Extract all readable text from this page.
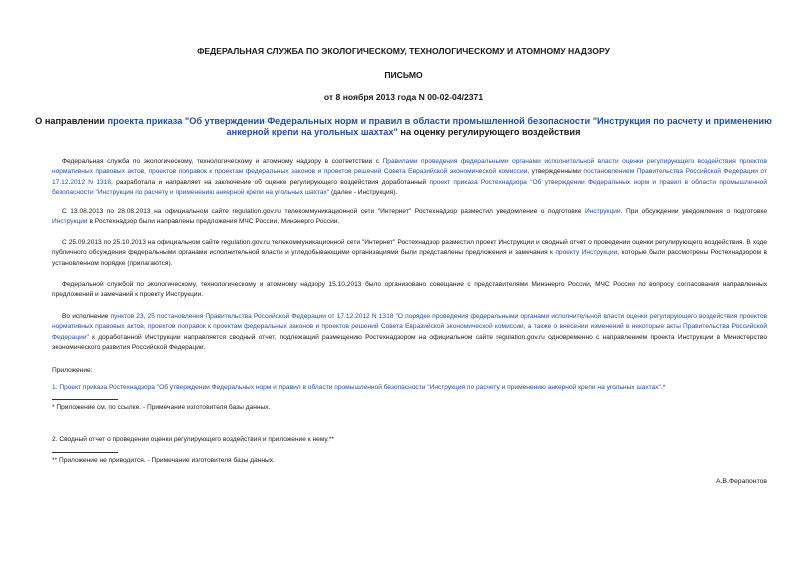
ФЕДЕРАЛЬНАЯ СЛУЖБА ПО ЭКОЛОГИЧЕСКОМУ, ТЕХНОЛОГИЧЕСКОМУ И АТОМНОМУ НАДЗОРУ
ПИСЬМО
от 8 ноября 2013 года N 00-02-04/2371
О направлении проекта приказа "Об утверждении Федеральных норм и правил в области промышленной безопасности "Инструкция по расчету и применению анкерной крепи на угольных шахтах" на оценку регулирующего воздействия

Федеральная служба по экологическому, технологическому и атомному надзору в соответствии с Правилами проведения федеральными органами исполнительной власти оценки регулирующего воздействия проектов нормативных правовых актов, проектов поправок к проектам федеральных законов и проектов решений Совета Евразийской экономической комиссии, утвержденными постановлением Правительства Российской Федерации от 17.12.2012 N 1318, разработала и направляет на заключение об оценке регулирующего воздействия доработанный проект приказа Ростехнадзора "Об утверждении Федеральных норм и правил в области промышленной безопасности "Инструкция по расчету и применению анкерной крепи на угольных шахтах" (далее - Инструкция).

С 13.08.2013 по 28.08.2013 на официальном сайте regulation.gov.ru телекоммуникационной сети "Интернет" Ростехнадзор разместил уведомление о подготовке Инструкции. При обсуждении уведомления о подготовке Инструкции в Ростехнадзор были направлены предложения МЧС России, Минэнерго России.

С 25.09.2013 по 25.10.2013 на официальном сайте regulation.gov.ru телекоммуникационной сети "Интернет" Ростехнадзор разместил проект Инструкции и сводный отчет о проведении оценки регулирующего воздействия. В ходе публичного обсуждения федеральными органами исполнительной власти и угледобывающими организациями были представлены предложения и замечания к проекту Инструкции, которые были рассмотрены Ростехнадзором в установленном порядке (прилагаются).

Федеральной службой по экологическому, технологическому и атомному надзору 15.10.2013 было организовано совещание с представителями Минэнерго России, МЧС России по вопросу согласования направленных предложений и замечаний к проекту Инструкции.

Во исполнение пунктов 23, 25 постановления Правительства Российской Федерации от 17.12.2012 N 1318 "О порядке проведения федеральными органами исполнительной власти оценки регулирующего воздействия проектов нормативных правовых актов, проектов поправок к проектам федеральных законов и проектов решений Совета Евразийской экономической комиссии, а также о внесении изменений в некоторые акты Правительства Российской Федерации" к доработанной Инструкции направляется сводный отчет, подлежащий размещению Ростехнадзором на официальном сайте regulation.gov.ru одновременно с направлением проекта Инструкции в Министерство экономического развития Российской Федерации.

Приложение:
1. Проект приказа Ростехнадзора "Об утверждении Федеральных норм и правил в области промышленной безопасности "Инструкция по расчету и применению анкерной крепи на угольных шахтах".*
* Приложение см. по ссылке. - Примечание изготовителя базы данных.
2. Сводный отчет о проведении оценки регулирующего воздействия и приложение к нему.**
** Приложение не приводится. - Примечание изготовителя базы данных.
А.В.Ферапонтов
